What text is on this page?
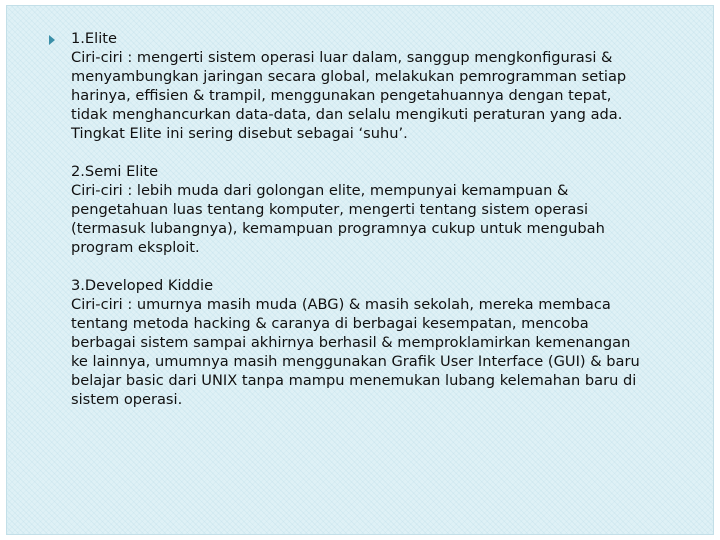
1.Elite

Ciri-ciri : mengerti sistem operasi luar dalam, sanggup mengkonfigurasi &
menyambungkan jaringan secara global, melakukan pemrogramman setiap
harinya, effisien & trampil, menggunakan pengetahuannya dengan tepat,
tidak menghancurkan data-data, dan selalu mengikuti peraturan yang ada.
Tingkat Elite ini sering disebut sebagai ‘suhu’.

2.Semi Elite

Ciri-ciri : lebih muda dari golongan elite, mempunyai kemampuan &
pengetahuan luas tentang komputer, mengerti tentang sistem operasi
(termasuk lubangnya), kemampuan programnya cukup untuk mengubah
program eksploit.

3.Developed Kiddie

Ciri-ciri : umurnya masih muda (ABG) & masih sekolah, mereka membaca
tentang metoda hacking & caranya di berbagai kesempatan, mencoba
berbagai sistem sampai akhirnya berhasil & memproklamirkan kemenangan
ke lainnya, umumnya masih menggunakan Grafik User Interface (GUI) & baru
belajar basic dari UNIX tanpa mampu menemukan lubang kelemahan baru di
sistem operasi.
